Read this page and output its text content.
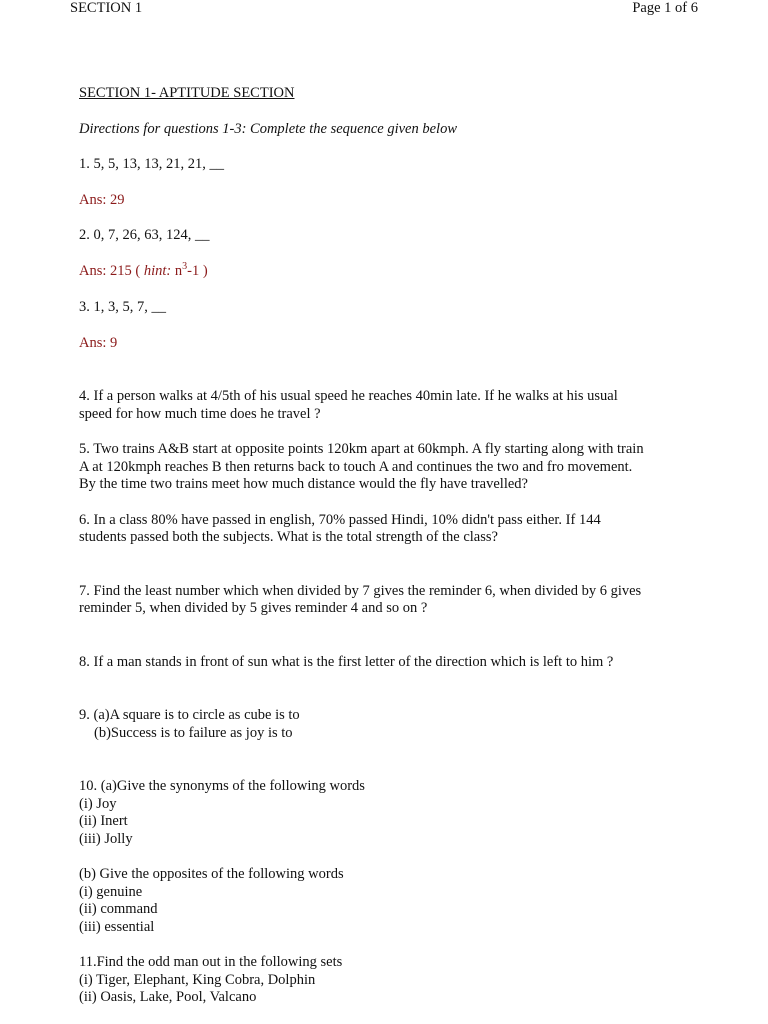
SECTION 1	Page 1 of 6

SECTION 1- APTITUDE SECTION

Directions for questions 1-3: Complete the sequence given below

1. 5, 5, 13, 13, 21, 21, __

Ans: 29

2. 0, 7, 26, 63, 124, __

Ans: 215 ( hint: $n^3-1$ )

3. 1, 3, 5, 7, __

Ans: 9

4. If a person walks at 4/5th of his usual speed he reaches 40min late. If he walks at his usual
speed for how much time does he travel ?
5. Two trains A&B start at opposite points 120km apart at 60kmph. A fly starting along with train
A at 120kmph reaches B then returns back to touch A and continues the two and fro movement.
By the time two trains meet how much distance would the fly have travelled?
6. In a class 80% have passed in english, 70% passed Hindi, 10% didn't pass either. If 144
students passed both the subjects. What is the total strength of the class?
7. Find the least number which when divided by 7 gives the reminder 6, when divided by 6 gives
reminder 5, when divided by 5 gives reminder 4 and so on ?
8. If a man stands in front of sun what is the first letter of the direction which is left to him ?
9. (a)A square is to circle as cube is to
(b)Success is to failure as joy is to
10. (a)Give the synonyms of the following words
(i) Joy
(ii) Inert
(iii) Jolly
(b) Give the opposites of the following words
(i) genuine
(ii) command
(iii) essential
11.Find the odd man out in the following sets
(i) Tiger, Elephant, King Cobra, Dolphin
(ii) Oasis, Lake, Pool, Valcano
